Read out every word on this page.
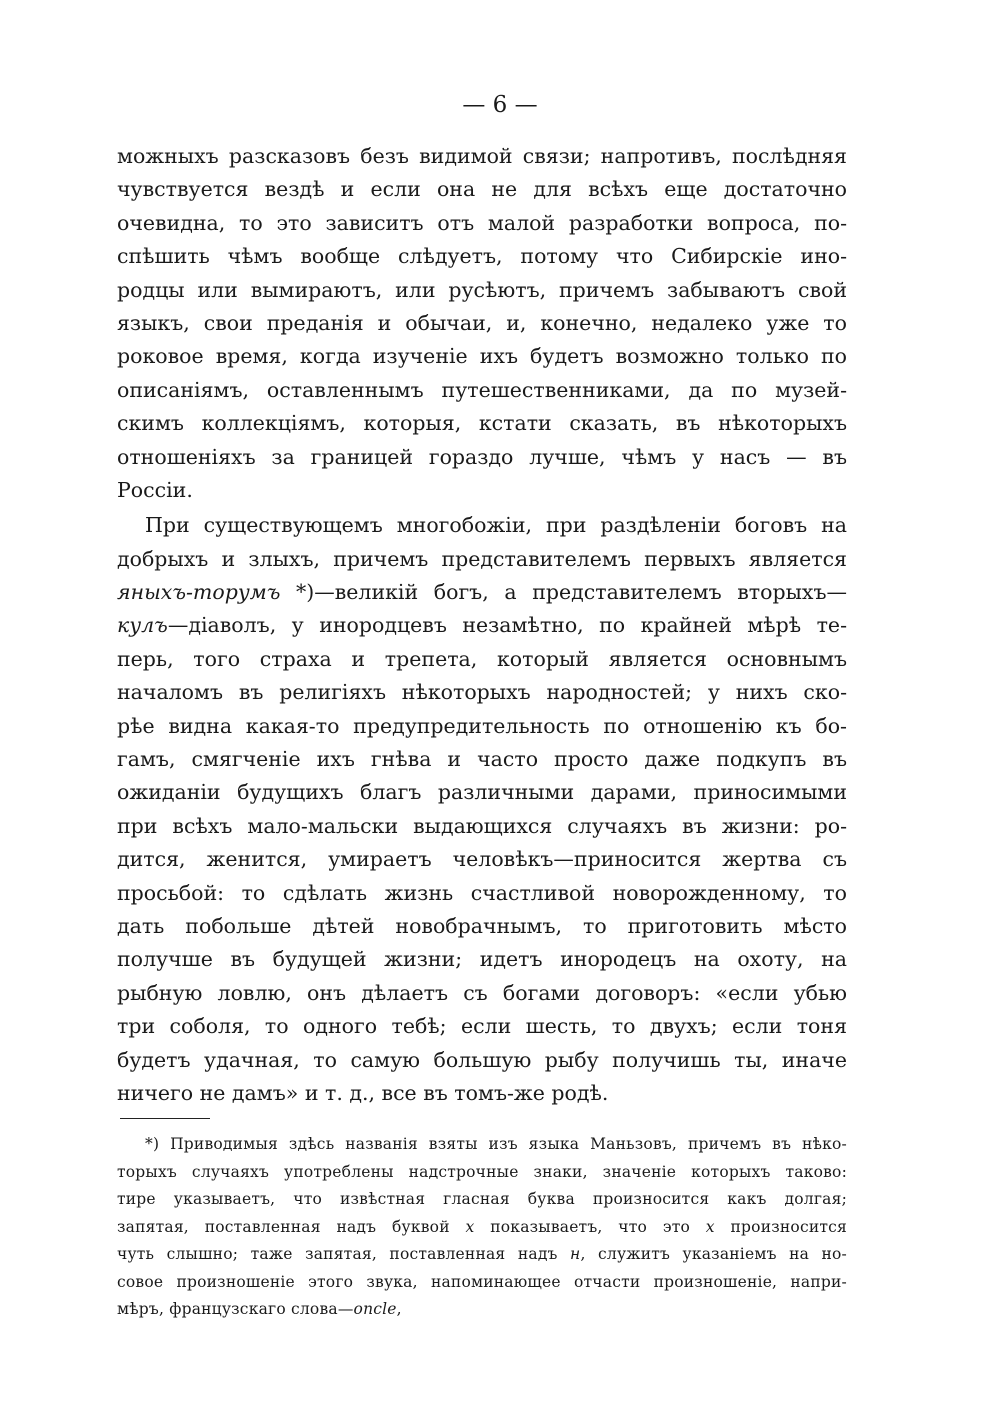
— 6 —
можныхъ разсказовъ безъ видимой связи; напротивъ, послѣдняя
чувствуется вездѣ и если она не для всѣхъ еще достаточно
очевидна, то это зависитъ отъ малой разработки вопроса, по-
спѣшить чѣмъ вообще слѣдуетъ, потому что Сибирскіе ино-
родцы или вымираютъ, или русѣютъ, причемъ забываютъ свой
языкъ, свои преданія и обычаи, и, конечно, недалеко уже то
роковое время, когда изученіе ихъ будетъ возможно только по
описаніямъ, оставленнымъ путешественниками, да по музей-
скимъ коллекціямъ, которыя, кстати сказать, въ нѣкоторыхъ
отношеніяхъ за границей гораздо лучше, чѣмъ у насъ — въ
Россіи.
При существующемъ многобожіи, при раздѣленіи боговъ на
добрыхъ и злыхъ, причемъ представителемъ первыхъ является
яныхъ-торумъ *)—великій богъ, а представителемъ вторыхъ—
кулъ—діаволъ, у инородцевъ незамѣтно, по крайней мѣрѣ те-
перь, того страха и трепета, который является основнымъ
началомъ въ религіяхъ нѣкоторыхъ народностей; у нихъ ско-
рѣе видна какая-то предупредительность по отношенію къ бо-
гамъ, смягченіе ихъ гнѣва и часто просто даже подкупъ въ
ожиданіи будущихъ благъ различными дарами, приносимыми
при всѣхъ мало-мальски выдающихся случаяхъ въ жизни: ро-
дится, женится, умираетъ человѣкъ—приносится жертва съ
просьбой: то сдѣлать жизнь счастливой новорожденному, то
дать побольше дѣтей новобрачнымъ, то приготовить мѣсто
получше въ будущей жизни; идетъ инородецъ на охоту, на
рыбную ловлю, онъ дѣлаетъ съ богами договоръ: «если убью
три соболя, то одного тебѣ; если шесть, то двухъ; если тоня
будетъ удачная, то самую большую рыбу получишь ты, иначе
ничего не дамъ» и т. д., все въ томъ-же родѣ.
*) Приводимыя здѣсь названія взяты изъ языка Маньзовъ, причемъ въ нѣко-
торыхъ случаяхъ употреблены надстрочные знаки, значеніе которыхъ таково:
тире указываетъ, что извѣстная гласная буква произносится какъ долгая;
запятая, поставленная надъ буквой х показываетъ, что это х произносится
чуть слышно; таже запятая, поставленная надъ н, служитъ указаніемъ на но-
совое произношеніе этого звука, напоминающее отчасти произношеніе, напри-
мѣръ, французскаго слова—oncle,
